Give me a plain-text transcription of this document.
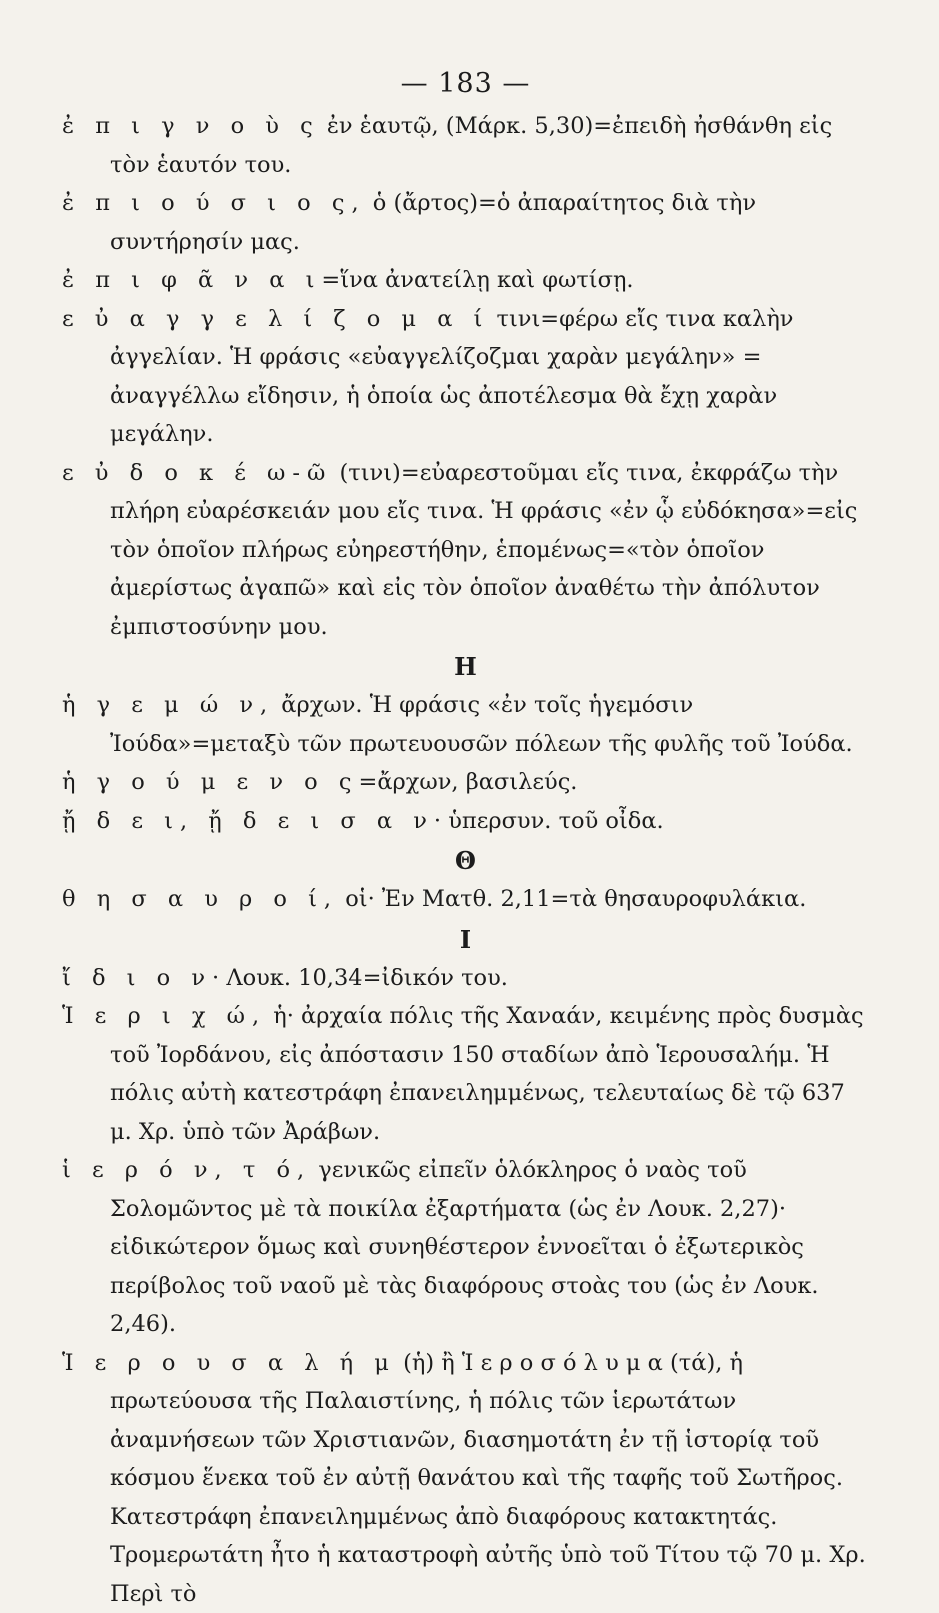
— 183 —

ἐ π ι γ ν ο ὺ ς ἐν ἑαυτῷ, (Μάρκ. 5,30)=ἐπειδὴ ἠσθάνθη εἰς τὸν ἑαυτόν του.

ἐ π ι ο ύ σ ι ο ς, ὁ (ἄρτος)=ὁ ἀπαραίτητος διὰ τὴν συντήρησίν μας.

ἐ π ι φ ᾶ ν α ι=ἵνα ἀνατείλῃ καὶ φωτίσῃ.

ε ὐ α γ γ ε λ ί ζ ο μ α ί τινι=φέρω εἴς τινα καλὴν ἀγγελίαν. Ἡ φράσις «εὐαγγελίζοζμαι χαρὰν μεγάλην» = ἀναγγέλλω εἴδησιν, ἡ ὁποία ὡς ἀποτέλεσμα θὰ ἔχῃ χαρὰν μεγάλην.

ε ὐ δ ο κ έ ω-ῶ (τινι)=εὐαρεστοῦμαι εἴς τινα, ἐκφράζω τὴν πλήρη εὐαρέσκειάν μου εἴς τινα. Ἡ φράσις «ἐν ᾧ εὐδόκησα»=εἰς τὸν ὁποῖον πλήρως εὐηρεστήθην, ἑπομένως=«τὸν ὁποῖον ἀμερίστως ἀγαπῶ» καὶ εἰς τὸν ὁποῖον ἀναθέτω τὴν ἀπόλυτον ἐμπιστοσύνην μου.

Η

ἡ γ ε μ ώ ν, ἄρχων. Ἡ φράσις «ἐν τοῖς ἡγεμόσιν Ἰούδα»=μεταξὺ τῶν πρωτευουσῶν πόλεων τῆς φυλῆς τοῦ Ἰούδα.

ἡ γ ο ύ μ ε ν ο ς=ἄρχων, βασιλεύς.

ᾔ δ ε ι, ᾔ δ ε ι σ α ν· ὑπερσυν. τοῦ οἶδα.

Θ

θ η σ α υ ρ ο ί, οἱ· Ἐν Ματθ. 2,11=τὰ θησαυροφυλάκια.

Ι

ἴ δ ι ο ν· Λουκ. 10,34=ἰδικόν του.

Ἱ ε ρ ι χ ώ, ἡ· ἀρχαία πόλις τῆς Χαναάν, κειμένης πρὸς δυσμὰς τοῦ Ἰορδάνου, εἰς ἀπόστασιν 150 σταδίων ἀπὸ Ἱερουσαλήμ. Ἡ πόλις αὐτὴ κατεστράφη ἐπανειλημμένως, τελευταίως δὲ τῷ 637 μ. Χρ. ὑπὸ τῶν Ἀράβων.

ἱ ε ρ ό ν, τ ό, γενικῶς εἰπεῖν ὁλόκληρος ὁ ναὸς τοῦ Σολομῶντος μὲ τὰ ποικίλα ἐξαρτήματα (ὡς ἐν Λουκ. 2,27)· εἰδικώτερον ὅμως καὶ συνηθέστερον ἐννοεῖται ὁ ἐξωτερικὸς περίβολος τοῦ ναοῦ μὲ τὰς διαφόρους στοὰς του (ὡς ἐν Λουκ. 2,46).

Ἱ ε ρ ο υ σ α λ ή μ (ἡ) ἢ Ἱ ε ρ ο σ ό λ υ μ α (τά), ἡ πρωτεύουσα τῆς Παλαιστίνης, ἡ πόλις τῶν ἱερωτάτων ἀναμνήσεων τῶν Χριστιανῶν, διασημοτάτη ἐν τῇ ἱστορίᾳ τοῦ κόσμου ἕνεκα τοῦ ἐν αὐτῇ θανάτου καὶ τῆς ταφῆς τοῦ Σωτῆρος. Κατεστράφη ἐπανειλημμένως ἀπὸ διαφόρους κατακτητάς. Τρομερωτάτη ἦτο ἡ καταστροφὴ αὐτῆς ὑπὸ τοῦ Τίτου τῷ 70 μ. Χρ. Περὶ τὸ
